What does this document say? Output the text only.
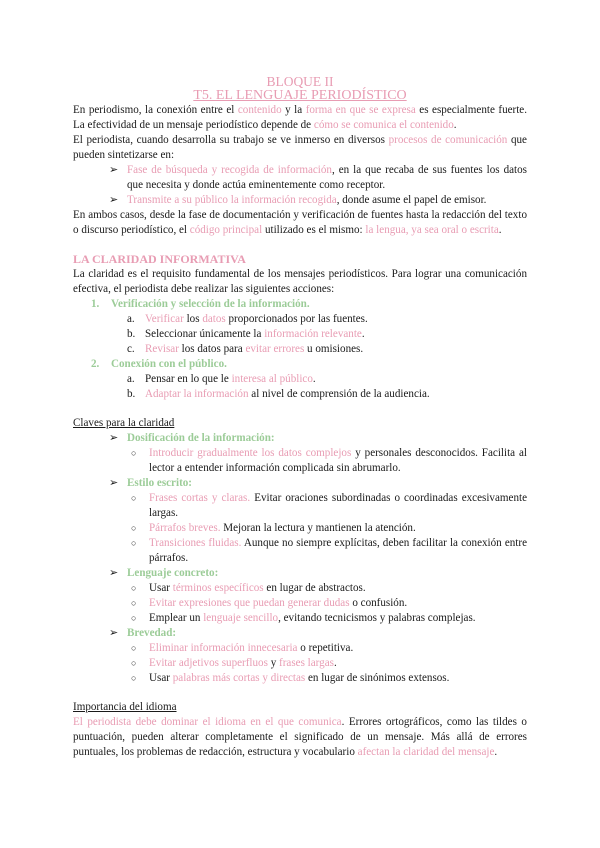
BLOQUE II
T5. EL LENGUAJE PERIODÍSTICO

En periodismo, la conexión entre el contenido y la forma en que se expresa es especialmente fuerte. La efectividad de un mensaje periodístico depende de cómo se comunica el contenido.

El periodista, cuando desarrolla su trabajo se ve inmerso en diversos procesos de comunicación que pueden sintetizarse en:

➢ Fase de búsqueda y recogida de información, en la que recaba de sus fuentes los datos que necesita y donde actúa eminentemente como receptor.
➢ Transmite a su público la información recogida, donde asume el papel de emisor.

En ambos casos, desde la fase de documentación y verificación de fuentes hasta la redacción del texto o discurso periodístico, el código principal utilizado es el mismo: la lengua, ya sea oral o escrita.

LA CLARIDAD INFORMATIVA

La claridad es el requisito fundamental de los mensajes periodísticos. Para lograr una comunicación efectiva, el periodista debe realizar las siguientes acciones:

1.	Verificación y selección de la información.
a. Verificar los datos proporcionados por las fuentes.
b. Seleccionar únicamente la información relevante.
c. Revisar los datos para evitar errores u omisiones.
2.	Conexión con el público.
a. Pensar en lo que le interesa al público.
b. Adaptar la información al nivel de comprensión de la audiencia.
Claves para la claridad
➢ Dosificación de la información:
○	Introducir gradualmente los datos complejos y personales desconocidos. Facilita al lector a entender información complicada sin abrumarlo.
➢ Estilo escrito:
○	Frases cortas y claras. Evitar oraciones subordinadas o coordinadas excesivamente largas.
○	Párrafos breves. Mejoran la lectura y mantienen la atención.
○	Transiciones fluidas. Aunque no siempre explícitas, deben facilitar la conexión entre párrafos.
➢ Lenguaje concreto:
○	Usar términos específicos en lugar de abstractos.
○	Evitar expresiones que puedan generar dudas o confusión.
○	Emplear un lenguaje sencillo, evitando tecnicismos y palabras complejas.
➢ Brevedad:
○	Eliminar información innecesaria o repetitiva.
○	Evitar adjetivos superfluos y frases largas.
○	Usar palabras más cortas y directas en lugar de sinónimos extensos.
Importancia del idioma

El periodista debe dominar el idioma en el que comunica. Errores ortográficos, como las tildes o puntuación, pueden alterar completamente el significado de un mensaje. Más allá de errores puntuales, los problemas de redacción, estructura y vocabulario afectan la claridad del mensaje.
